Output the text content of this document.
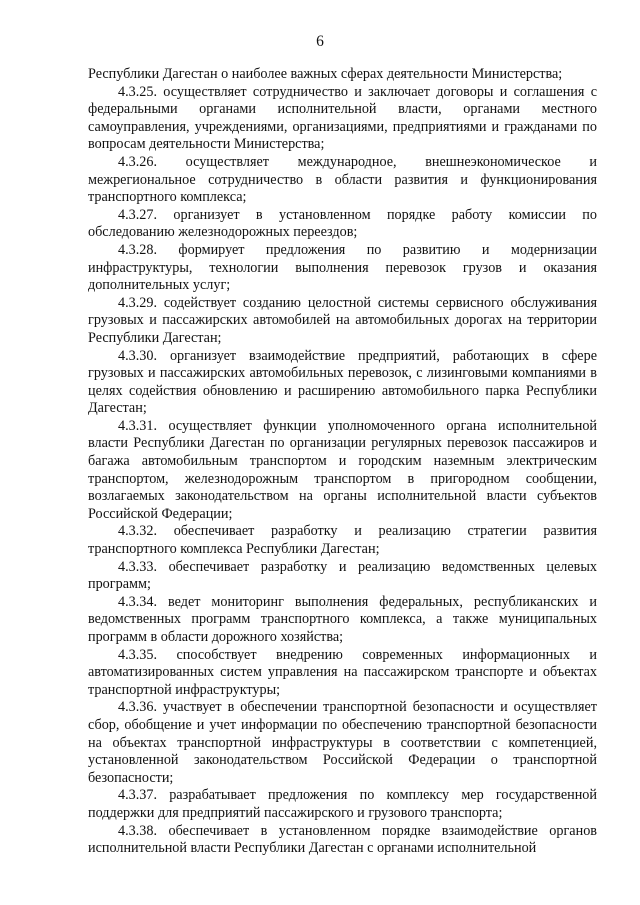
6

Республики Дагестан о наиболее важных сферах деятельности Министерства;

4.3.25. осуществляет сотрудничество и заключает договоры и соглашения с федеральными органами исполнительной власти, органами местного самоуправления, учреждениями, организациями, предприятиями и гражданами по вопросам деятельности Министерства;

4.3.26. осуществляет международное, внешнеэкономическое и межрегиональное сотрудничество в области развития и функционирования транспортного комплекса;

4.3.27. организует в установленном порядке работу комиссии по обследованию железнодорожных переездов;

4.3.28. формирует предложения по развитию и модернизации инфраструктуры, технологии выполнения перевозок грузов и оказания дополнительных услуг;

4.3.29. содействует созданию целостной системы сервисного обслуживания грузовых и пассажирских автомобилей на автомобильных дорогах на территории Республики Дагестан;

4.3.30. организует взаимодействие предприятий, работающих в сфере грузовых и пассажирских автомобильных перевозок, с лизинговыми компаниями в целях содействия обновлению и расширению автомобильного парка Республики Дагестан;

4.3.31. осуществляет функции уполномоченного органа исполнительной власти Республики Дагестан по организации регулярных перевозок пассажиров и багажа автомобильным транспортом и городским наземным электрическим транспортом, железнодорожным транспортом в пригородном сообщении, возлагаемых законодательством на органы исполнительной власти субъектов Российской Федерации;

4.3.32. обеспечивает разработку и реализацию стратегии развития транспортного комплекса Республики Дагестан;

4.3.33. обеспечивает разработку и реализацию ведомственных целевых программ;

4.3.34. ведет мониторинг выполнения федеральных, республиканских и ведомственных программ транспортного комплекса, а также муниципальных программ в области дорожного хозяйства;

4.3.35. способствует внедрению современных информационных и автоматизированных систем управления на пассажирском транспорте и объектах транспортной инфраструктуры;

4.3.36. участвует в обеспечении транспортной безопасности и осуществляет сбор, обобщение и учет информации по обеспечению транспортной безопасности на объектах транспортной инфраструктуры в соответствии с компетенцией, установленной законодательством Российской Федерации о транспортной безопасности;

4.3.37. разрабатывает предложения по комплексу мер государственной поддержки для предприятий пассажирского и грузового транспорта;

4.3.38. обеспечивает в установленном порядке взаимодействие органов исполнительной власти Республики Дагестан с органами исполнительной
